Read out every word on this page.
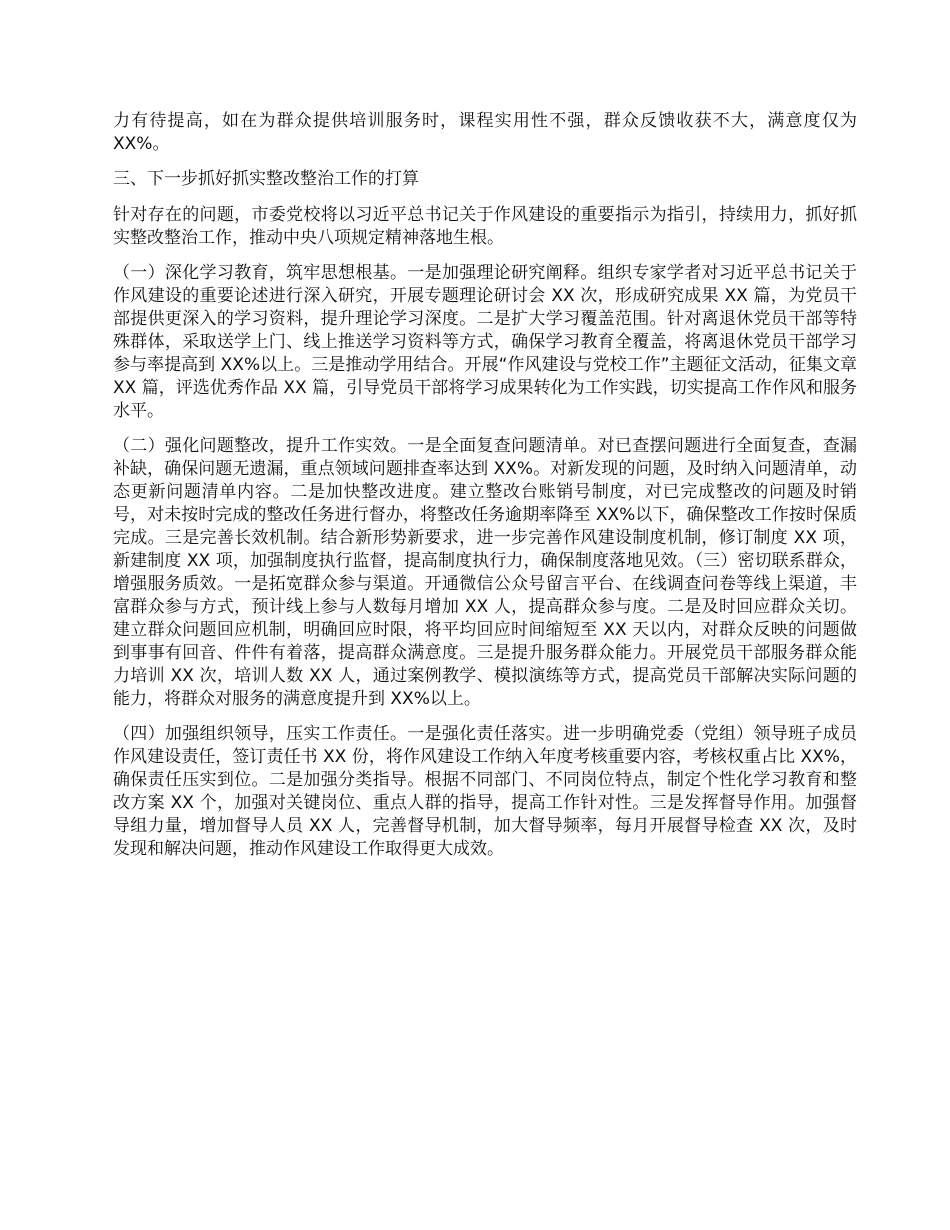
力有待提高，如在为群众提供培训服务时，课程实用性不强，群众反馈收获不大，满意度仅为 XX%。

三、下一步抓好抓实整改整治工作的打算

针对存在的问题，市委党校将以习近平总书记关于作风建设的重要指示为指引，持续用力，抓好抓实整改整治工作，推动中央八项规定精神落地生根。

（一）深化学习教育，筑牢思想根基。一是加强理论研究阐释。组织专家学者对习近平总书记关于作风建设的重要论述进行深入研究，开展专题理论研讨会 XX 次，形成研究成果 XX 篇，为党员干部提供更深入的学习资料，提升理论学习深度。二是扩大学习覆盖范围。针对离退休党员干部等特殊群体，采取送学上门、线上推送学习资料等方式，确保学习教育全覆盖，将离退休党员干部学习参与率提高到 XX%以上。三是推动学用结合。开展“作风建设与党校工作”主题征文活动，征集文章 XX 篇，评选优秀作品 XX 篇，引导党员干部将学习成果转化为工作实践，切实提高工作作风和服务水平。

（二）强化问题整改，提升工作实效。一是全面复查问题清单。对已查摆问题进行全面复查，查漏补缺，确保问题无遗漏，重点领域问题排查率达到 XX%。对新发现的问题，及时纳入问题清单，动态更新问题清单内容。二是加快整改进度。建立整改台账销号制度，对已完成整改的问题及时销号，对未按时完成的整改任务进行督办，将整改任务逾期率降至 XX%以下，确保整改工作按时保质完成。三是完善长效机制。结合新形势新要求，进一步完善作风建设制度机制，修订制度 XX 项，新建制度 XX 项，加强制度执行监督，提高制度执行力，确保制度落地见效。（三）密切联系群众，增强服务质效。一是拓宽群众参与渠道。开通微信公众号留言平台、在线调查问卷等线上渠道，丰富群众参与方式，预计线上参与人数每月增加 XX 人，提高群众参与度。二是及时回应群众关切。建立群众问题回应机制，明确回应时限，将平均回应时间缩短至 XX 天以内，对群众反映的问题做到事事有回音、件件有着落，提高群众满意度。三是提升服务群众能力。开展党员干部服务群众能力培训 XX 次，培训人数 XX 人，通过案例教学、模拟演练等方式，提高党员干部解决实际问题的能力，将群众对服务的满意度提升到 XX%以上。

（四）加强组织领导，压实工作责任。一是强化责任落实。进一步明确党委（党组）领导班子成员作风建设责任，签订责任书 XX 份，将作风建设工作纳入年度考核重要内容，考核权重占比 XX%，确保责任压实到位。二是加强分类指导。根据不同部门、不同岗位特点，制定个性化学习教育和整改方案 XX 个，加强对关键岗位、重点人群的指导，提高工作针对性。三是发挥督导作用。加强督导组力量，增加督导人员 XX 人，完善督导机制，加大督导频率，每月开展督导检查 XX 次，及时发现和解决问题，推动作风建设工作取得更大成效。
